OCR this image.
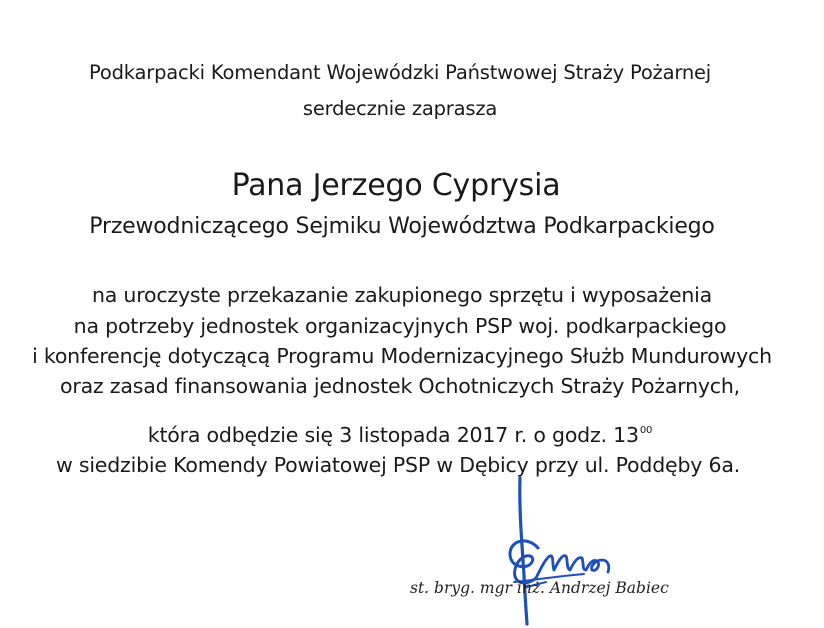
Podkarpacki Komendant Wojewódzki Państwowej Straży Pożarnej
serdecznie zaprasza
Pana Jerzego Cyprysia
Przewodniczącego Sejmiku Województwa Podkarpackiego
na uroczyste przekazanie zakupionego sprzętu i wyposażenia
na potrzeby jednostek organizacyjnych PSP woj. podkarpackiego
i konferencję dotyczącą Programu Modernizacyjnego Służb Mundurowych
oraz zasad finansowania jednostek Ochotniczych Straży Pożarnych,
która odbędzie się 3 listopada 2017 r. o godz. $13^{00}$
w siedzibie Komendy Powiatowej PSP w Dębicy przy ul. Poddęby 6a.
st. bryg. mgr inż. Andrzej Babiec
